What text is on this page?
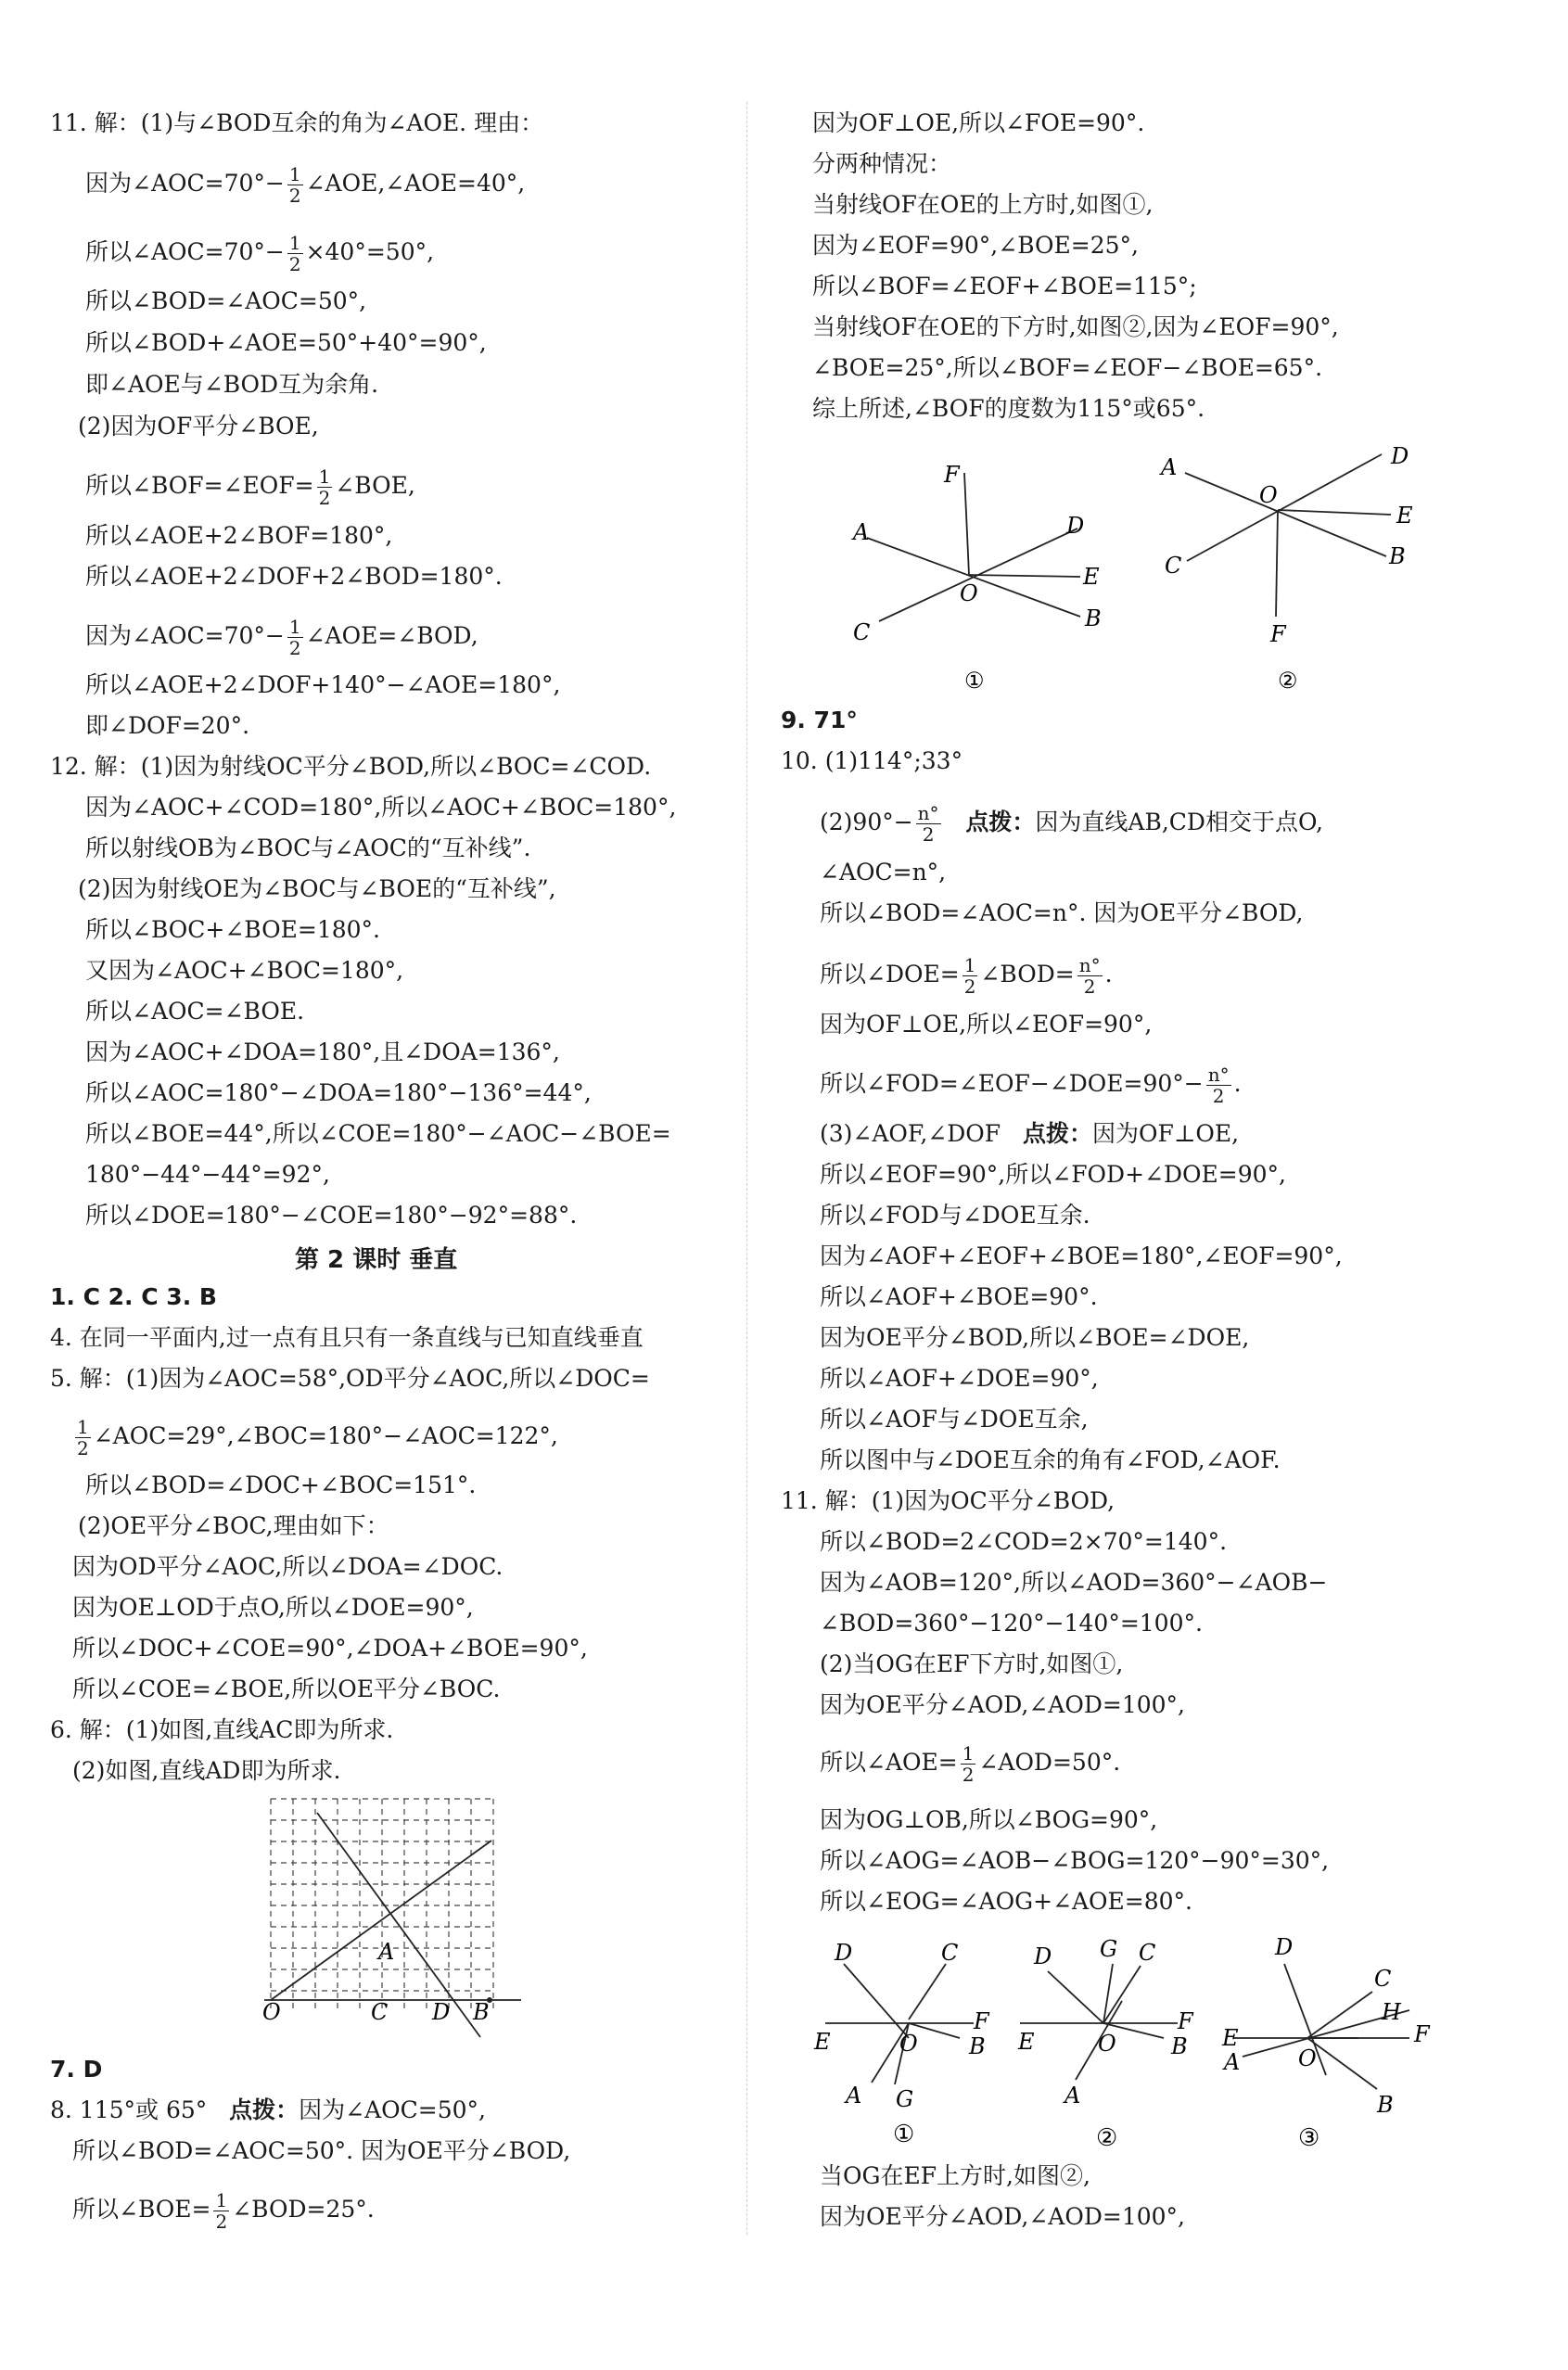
11. 解：(1)与∠BOD互余的角为∠AOE. 理由：
因为∠AOC=70°− $\frac{1}{2}$ ∠AOE,∠AOE=40°,
所以∠AOC=70°− $\frac{1}{2} \times 40^\circ=50^\circ$,
所以∠BOD=∠AOC=50°,
所以∠BOD+∠AOE=50°+40°=90°,
即∠AOE与∠BOD互为余角.
(2)因为OF平分∠BOE,
所以∠BOF=∠EOF= $\frac{1}{2}$ ∠BOE,
所以∠AOE+2∠BOF=180°,
所以∠AOE+2∠DOF+2∠BOD=180°.
因为∠AOC=70°− $\frac{1}{2}$ ∠AOE=∠BOD,
所以∠AOE+2∠DOF+140°−∠AOE=180°,
即∠DOF=20°.
12. 解：(1)因为射线OC平分∠BOD,所以∠BOC=∠COD.
因为∠AOC+∠COD=180°,所以∠AOC+∠BOC=180°,
所以射线OB为∠BOC与∠AOC的“互补线”.
(2)因为射线OE为∠BOC与∠BOE的“互补线”,
所以∠BOC+∠BOE=180°.
又因为∠AOC+∠BOC=180°,
所以∠AOC=∠BOE.
因为∠AOC+∠DOA=180°,且∠DOA=136°,
所以∠AOC=180°−∠DOA=180°−136°=44°,
所以∠BOE=44°,所以∠COE=180°−∠AOC−∠BOE=
180°−44°−44°=92°,
所以∠DOE=180°−∠COE=180°−92°=88°.
第 2 课时 垂直
1. C 2. C 3. B
4. 在同一平面内,过一点有且只有一条直线与已知直线垂直
5. 解：(1)因为∠AOC=58°,OD平分∠AOC,所以∠DOC=
$\frac{1}{2}$ ∠AOC=29°,∠BOC=180°−∠AOC=122°,
所以∠BOD=∠DOC+∠BOC=151°.
(2)OE平分∠BOC,理由如下：
因为OD平分∠AOC,所以∠DOA=∠DOC.
因为OE⊥OD于点O,所以∠DOE=90°,
所以∠DOC+∠COE=90°,∠DOA+∠BOE=90°,
所以∠COE=∠BOE,所以OE平分∠BOC.
6. 解：(1)如图,直线AC即为所求.
(2)如图,直线AD即为所求.
O
A
C D B
7. D
8. 115°或 65° 点拨：因为∠AOC=50°,
所以∠BOD=∠AOC=50°. 因为OE平分∠BOD,
所以∠BOE= $\frac{1}{2}$ ∠BOD=25°.
因为OF⊥OE,所以∠FOE=90°.
分两种情况：
当射线OF在OE的上方时,如图①,
因为∠EOF=90°,∠BOE=25°,
所以∠BOF=∠EOF+∠BOE=115°;
当射线OF在OE的下方时,如图②,因为∠EOF=90°,
∠BOE=25°,所以∠BOF=∠EOF−∠BOE=65°.
综上所述,∠BOF的度数为115°或65°.
F
A	D
E
O
B
C
①
A	D
O
E
B
C
F
②
9. 71°
10. (1)114°;33°
$(2)90^\circ- \frac{n^\circ}{2}$ 点拨：因为直线AB,CD相交于点O,
∠AOC=n°,
所以∠BOD=∠AOC=n°. 因为OE平分∠BOD,
所以∠DOE= $\frac{1}{2}$ ∠BOD= $\frac{n^\circ}{2}$ .
因为OF⊥OE,所以∠EOF=90°,
所以∠FOD=∠EOF−∠DOE=90°− $\frac{n^\circ}{2}$ .
(3)∠AOF,∠DOF 点拨：因为OF⊥OE,
所以∠EOF=90°,所以∠FOD+∠DOE=90°,
所以∠FOD与∠DOE互余.
因为∠AOF+∠EOF+∠BOE=180°,∠EOF=90°,
所以∠AOF+∠BOE=90°.
因为OE平分∠BOD,所以∠BOE=∠DOE,
所以∠AOF+∠DOE=90°,
所以∠AOF与∠DOE互余,
所以图中与∠DOE互余的角有∠FOD,∠AOF.
11. 解：(1)因为OC平分∠BOD,
所以∠BOD=2∠COD=2×70°=140°.
因为∠AOB=120°,所以∠AOD=360°−∠AOB−
∠BOD=360°−120°−140°=100°.
(2)当OG在EF下方时,如图①,
因为OE平分∠AOD,∠AOD=100°,
所以∠AOE= $\frac{1}{2}$ ∠AOD=50°.
因为OG⊥OB,所以∠BOG=90°,
所以∠AOG=∠AOB−∠BOG=120°−90°=30°,
所以∠EOG=∠AOG+∠AOE=80°.
D	C
E	O
F
B
A G
①
D G C
E	O
F
B
A
②
D
C
H
F
E
A	O
B
③
当OG在EF上方时,如图②,
因为OE平分∠AOD,∠AOD=100°,
